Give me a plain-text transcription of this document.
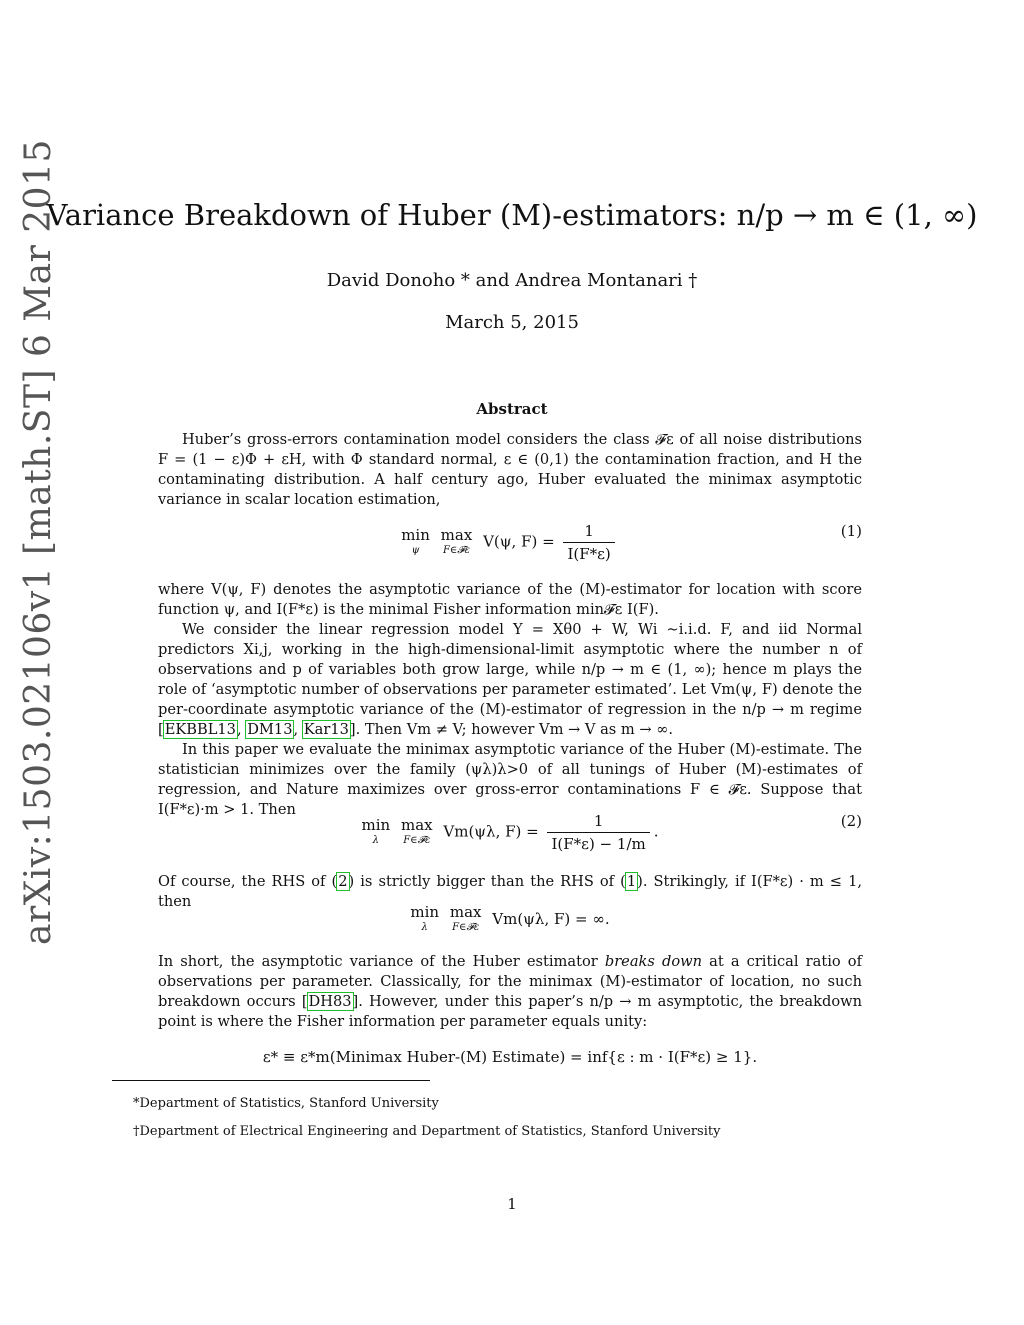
arXiv:1503.02106v1 [math.ST] 6 Mar 2015
Variance Breakdown of Huber (M)-estimators: n/p → m ∈ (1, ∞)
David Donoho * and Andrea Montanari †
March 5, 2015
Abstract
Huber’s gross-errors contamination model considers the class 𝓕ε of all noise distributions F = (1 − ε)Φ + εH, with Φ standard normal, ε ∈ (0,1) the contamination fraction, and H the contaminating distribution. A half century ago, Huber evaluated the minimax asymptotic variance in scalar location estimation,
min
ψ
max
F∈𝓕ε V(ψ, $F) = \frac{1}{I(F*\varepsilon)}$	(1)
where V(ψ, F) denotes the asymptotic variance of the (M)-estimator for location with score function ψ, and I(F*ε) is the minimal Fisher information min𝓕ε I(F).
We consider the linear regression model Y = Xθ0 + W, Wi ∼i.i.d. F, and iid Normal predictors Xi,j, working in the high-dimensional-limit asymptotic where the number n of observations and p of variables both grow large, while n/p → m ∈ (1, ∞); hence m plays the role of ‘asymptotic number of observations per parameter estimated’. Let Vm(ψ, F) denote the per-coordinate asymptotic variance of the (M)-estimator of regression in the n/p → m regime [EKBBL13, DM13, Kar13]. Then Vm ≠ V; however Vm → V as m → ∞.
In this paper we evaluate the minimax asymptotic variance of the Huber (M)-estimate. The statistician minimizes over the family (ψλ)λ>0 of all tunings of Huber (M)-estimates of regression, and Nature maximizes over gross-error contaminations F ∈ 𝓕ε. Suppose that I(F*ε)·m > 1. Then
min
λ
max
F∈𝓕ε Vm(ψλ, $F) = \frac{1}{I(F*\varepsilon) - 1/m}$ .
(2)
Of course, the RHS of (2) is strictly bigger than the RHS of (1). Strikingly, if I(F*ε) · m ≤ 1, then
min
λ
max
F∈𝓕ε Vm(ψλ, F) = ∞.
In short, the asymptotic variance of the Huber estimator breaks down at a critical ratio of observations per parameter. Classically, for the minimax (M)-estimator of location, no such breakdown occurs [DH83]. However, under this paper’s n/p → m asymptotic, the breakdown point is where the Fisher information per parameter equals unity:
ε* ≡ ε*m(Minimax Huber-(M) Estimate) = inf{ε : m · I(F*ε) ≥ 1}.
*Department of Statistics, Stanford University
†Department of Electrical Engineering and Department of Statistics, Stanford University
1
